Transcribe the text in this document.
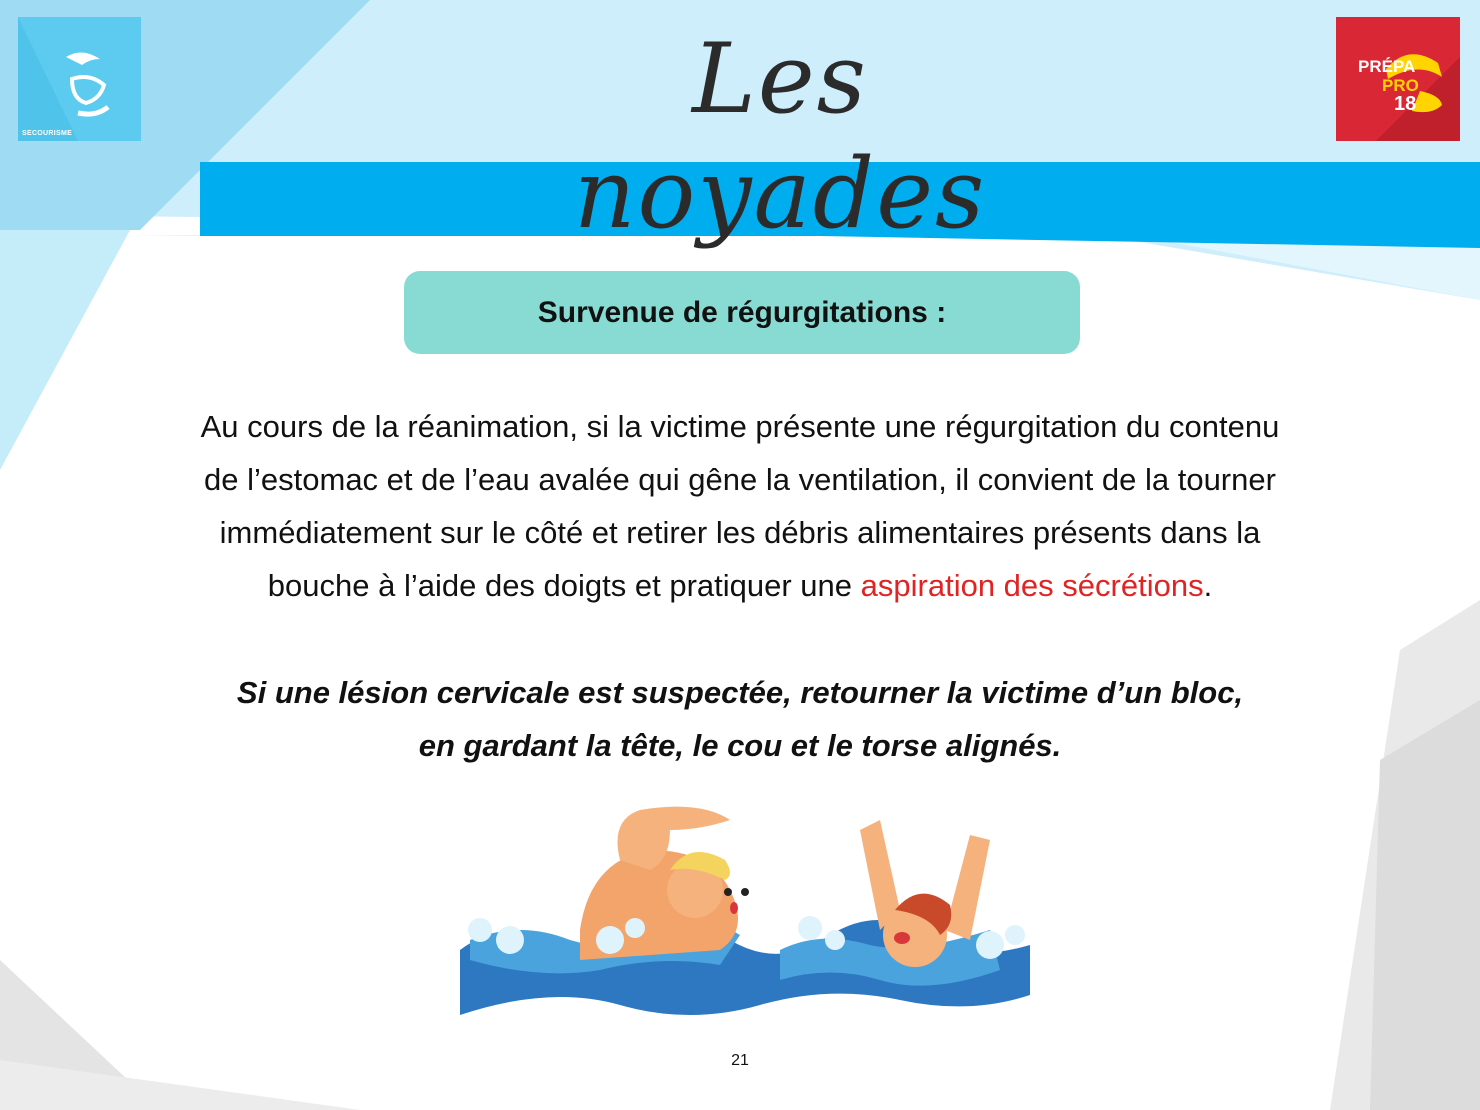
SECOURISME
PRÉPA
PRO
18
Les noyades
Survenue de régurgitations :
Au cours de la réanimation, si la victime présente une régurgitation du contenu de l’estomac et de l’eau avalée qui gêne la ventilation, il convient de la tourner immédiatement sur le côté et retirer les débris alimentaires présents dans la bouche à l’aide des doigts et pratiquer une aspiration des sécrétions.
Si une lésion cervicale est suspectée, retourner la victime d’un bloc, en gardant la tête, le cou et le torse alignés.
21
